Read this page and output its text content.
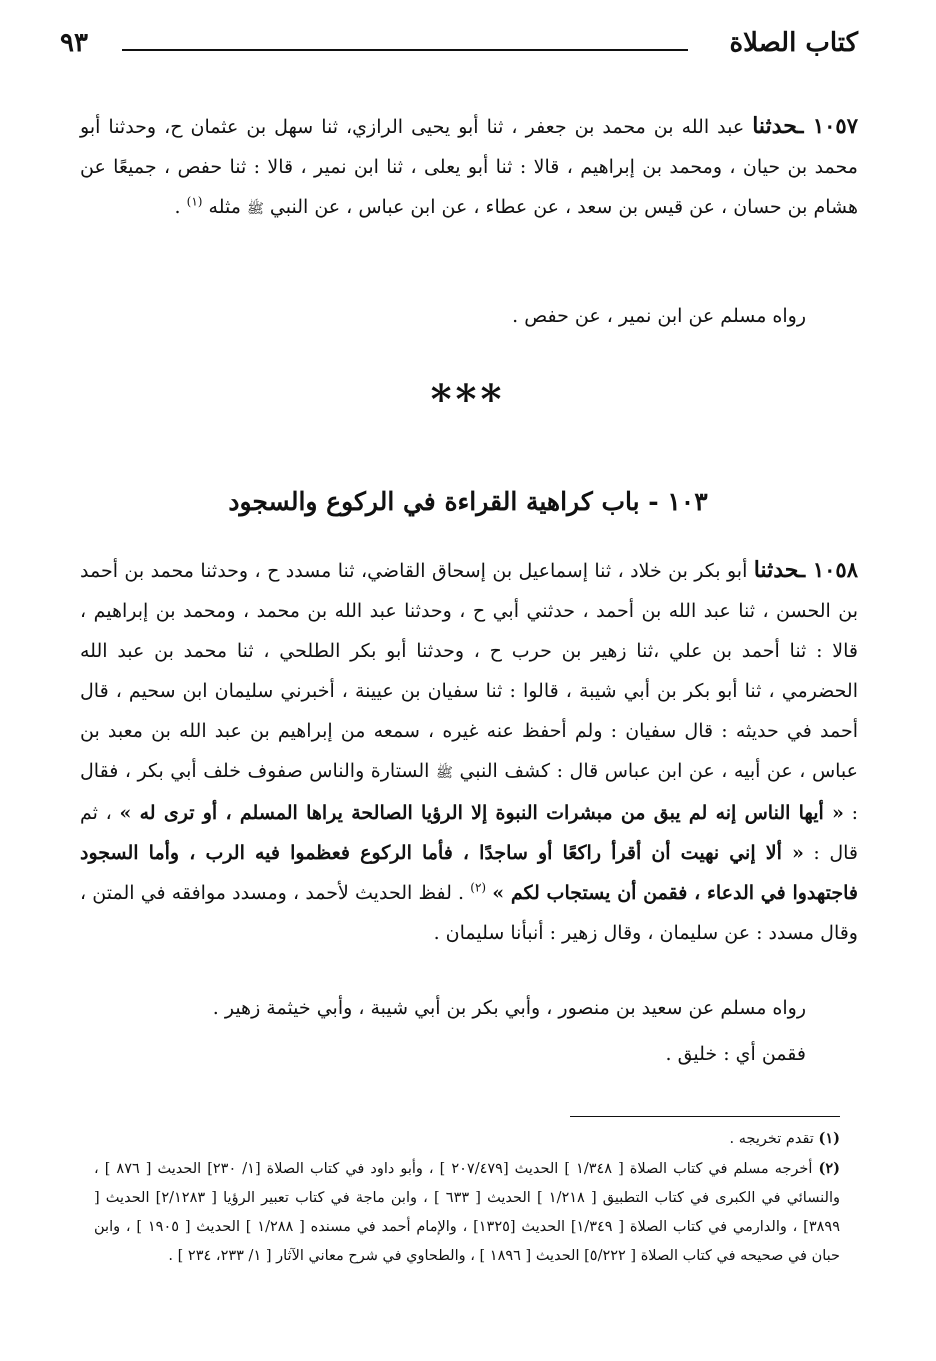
كتاب الصلاة
٩٣
١٠٥٧ ـحدثنا عبد الله بن محمد بن جعفر ، ثنا أبو يحيى الرازي، ثنا سهل بن عثمان ح، وحدثنا أبو محمد بن حيان ، ومحمد بن إبراهيم ، قالا : ثنا أبو يعلى ، ثنا ابن نمير ، قالا : ثنا حفص ، جميعًا عن هشام بن حسان ، عن قيس بن سعد ، عن عطاء ، عن ابن عباس ، عن النبي ﷺ مثله $^{(١)}$ .
رواه مسلم عن ابن نمير ، عن حفص .
***
١٠٣ - باب كراهية القراءة في الركوع والسجود
١٠٥٨ ـحدثنا أبو بكر بن خلاد ، ثنا إسماعيل بن إسحاق القاضي، ثنا مسدد ح ، وحدثنا محمد بن أحمد بن الحسن ، ثنا عبد الله بن أحمد ، حدثني أبي ح ، وحدثنا عبد الله بن محمد ، ومحمد بن إبراهيم ، قالا : ثنا أحمد بن علي ،ثنا زهير بن حرب ح ، وحدثنا أبو بكر الطلحي ، ثنا محمد بن عبد الله الحضرمي ، ثنا أبو بكر بن أبي شيبة ، قالوا : ثنا سفيان بن عيينة ، أخبرني سليمان ابن سحيم ، قال أحمد في حديثه : قال سفيان : ولم أحفظ عنه غيره ، سمعه من إبراهيم بن عبد الله بن معبد بن عباس ، عن أبيه ، عن ابن عباس قال : كشف النبي ﷺ الستارة والناس صفوف خلف أبي بكر ، فقال : « أيها الناس إنه لم يبق من مبشرات النبوة إلا الرؤيا الصالحة يراها المسلم ، أو ترى له » ، ثم قال : « ألا إني نهيت أن أقرأ راكعًا أو ساجدًا ، فأما الركوع فعظموا فيه الرب ، وأما السجود فاجتهدوا في الدعاء ، فقمن أن يستجاب لكم » $^{(٢)}$ . لفظ الحديث لأحمد ، ومسدد موافقه في المتن ، وقال مسدد : عن سليمان ، وقال زهير : أنبأنا سليمان .
رواه مسلم عن سعيد بن منصور ، وأبي بكر بن أبي شيبة ، وأبي خيثمة زهير .
فقمن أي : خليق .
(١) تقدم تخريجه .
(٢) أخرجه مسلم في كتاب الصلاة [ ١/٣٤٨ ] الحديث [٢٠٧/٤٧٩ ] ، وأبو داود في كتاب الصلاة [١/ ٢٣٠] الحديث [ ٨٧٦ ] ، والنسائي في الكبرى في كتاب التطبيق [ ١/٢١٨ ] الحديث [ ٦٣٣ ] ، وابن ماجة في كتاب تعبير الرؤيا [ ٢/١٢٨٣] الحديث [ ٣٨٩٩] ، والدارمي في كتاب الصلاة [ ١/٣٤٩] الحديث [١٣٢٥] ، والإمام أحمد في مسنده [ ١/٢٨٨ ] الحديث [ ١٩٠٥ ] ، وابن حبان في صحيحه في كتاب الصلاة [ ٥/٢٢٢] الحديث [ ١٨٩٦ ] ، والطحاوي في شرح معاني الآثار [ ١/ ٢٣٣، ٢٣٤ ] .
